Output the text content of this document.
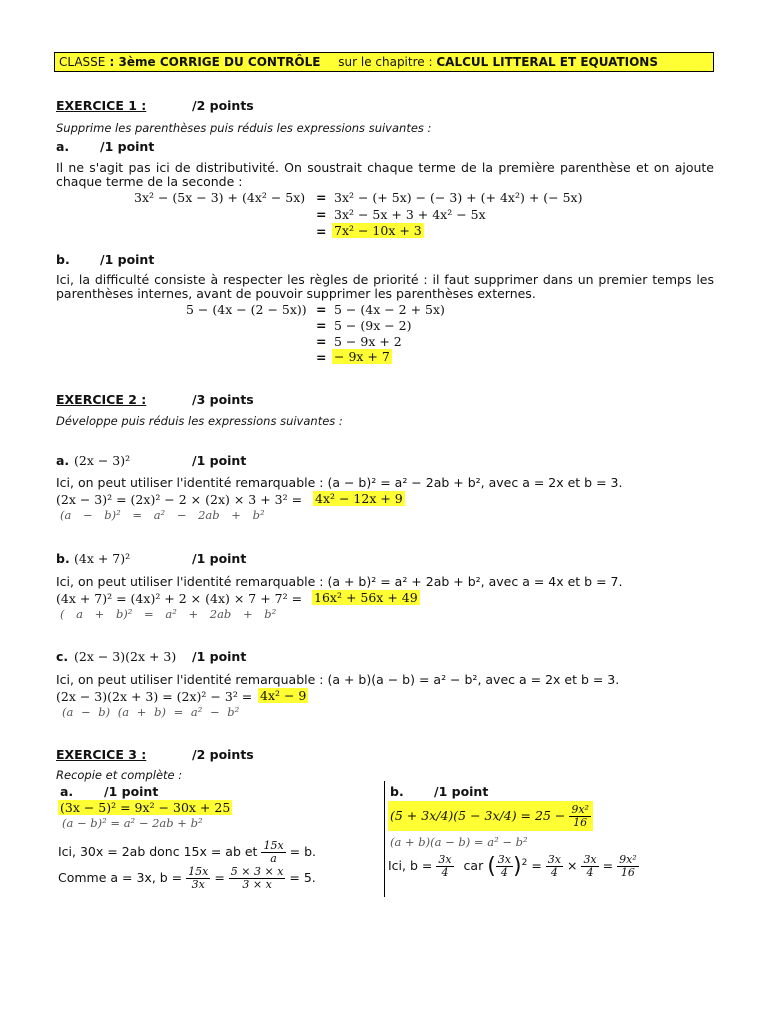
CLASSE : 3ème CORRIGE DU CONTRÔLE sur le chapitre : CALCUL LITTERAL ET EQUATIONS
EXERCICE 1 :	/2 points
Supprime les parenthèses puis réduis les expressions suivantes :
a. /1 point
Il ne s'agit pas ici de distributivité. On soustrait chaque terme de la première parenthèse et on ajoute chaque terme de la seconde :
3x² − (5x − 3) + (4x² − 5x) = 3x² − (+ 5x) − (− 3) + (+ 4x²) + (− 5x)
= 3x² − 5x + 3 + 4x² − 5x
= 7x² − 10x + 3
b. /1 point
Ici, la difficulté consiste à respecter les règles de priorité : il faut supprimer dans un premier temps les parenthèses internes, avant de pouvoir supprimer les parenthèses externes.
5 − (4x − (2 − 5x)) = 5 − (4x − 2 + 5x)
= 5 − (9x − 2)
= 5 − 9x + 2
= − 9x + 7
EXERCICE 2 :	/3 points
Développe puis réduis les expressions suivantes :
a. (2x − 3)²	/1 point
Ici, on peut utiliser l'identité remarquable : (a − b)² = a² − 2ab + b², avec a = 2x et b = 3.
(2x − 3)² = (2x)² − 2 × (2x) × 3 + 3² = 4x² − 12x + 9
(a − b)² = a² − 2ab + b²
b. (4x + 7)²	/1 point
Ici, on peut utiliser l'identité remarquable : (a + b)² = a² + 2ab + b², avec a = 4x et b = 7.
(4x + 7)² = (4x)² + 2 × (4x) × 7 + 7² = 16x² + 56x + 49
( a + b)² = a² + 2ab + b²
c. (2x − 3)(2x + 3) /1 point
Ici, on peut utiliser l'identité remarquable : (a + b)(a − b) = a² − b², avec a = 2x et b = 3.
(2x − 3)(2x + 3) = (2x)² − 3² = 4x² − 9
(a − b) (a + b) = a² − b²
EXERCICE 3 :	/2 points
Recopie et complète :
a. /1 point
(3x − 5)² = 9x² − 30x + 25
(a − b)² = a² − 2ab + b²
Ici, 30x = 2ab donc 15x = ab et $\frac{15x}{a} = b$.
Comme a = 3x, $b = \frac{15x}{3x} = \frac{5 \times 3 \times x}{3 \times x} = 5$.
b. /1 point
$(5 + 3x/4)(5 - 3x/4) = 25 - \frac{\text{9x²}}{16}$
(a + b)(a − b) = a² − b²
Ici, $b = \frac{3x}{4}$ car ( $\frac{3x}{4} )^2 = \frac{3x}{4} \times \frac{3x}{4} = \frac{\text{9x²}}{16}$
